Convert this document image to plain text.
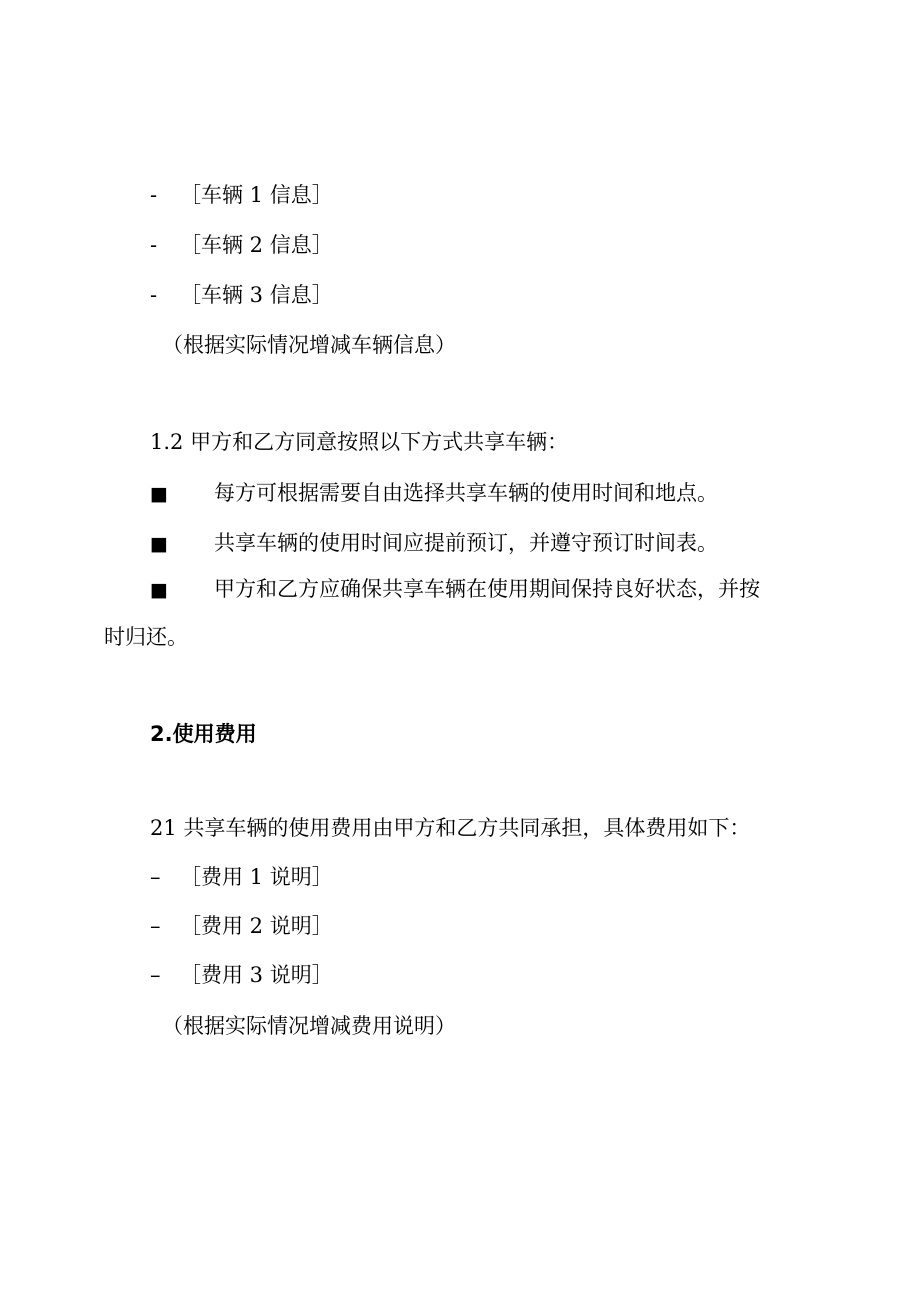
- ［车辆 1 信息］
- ［车辆 2 信息］
- ［车辆 3 信息］
（根据实际情况增减车辆信息）
1.2 甲方和乙方同意按照以下方式共享车辆：
■ 每方可根据需要自由选择共享车辆的使用时间和地点。
■ 共享车辆的使用时间应提前预订，并遵守预订时间表。
■ 甲方和乙方应确保共享车辆在使用期间保持良好状态，并按
时归还。
2.使用费用
21 共享车辆的使用费用由甲方和乙方共同承担，具体费用如下：
– ［费用 1 说明］
– ［费用 2 说明］
– ［费用 3 说明］
（根据实际情况增减费用说明）
